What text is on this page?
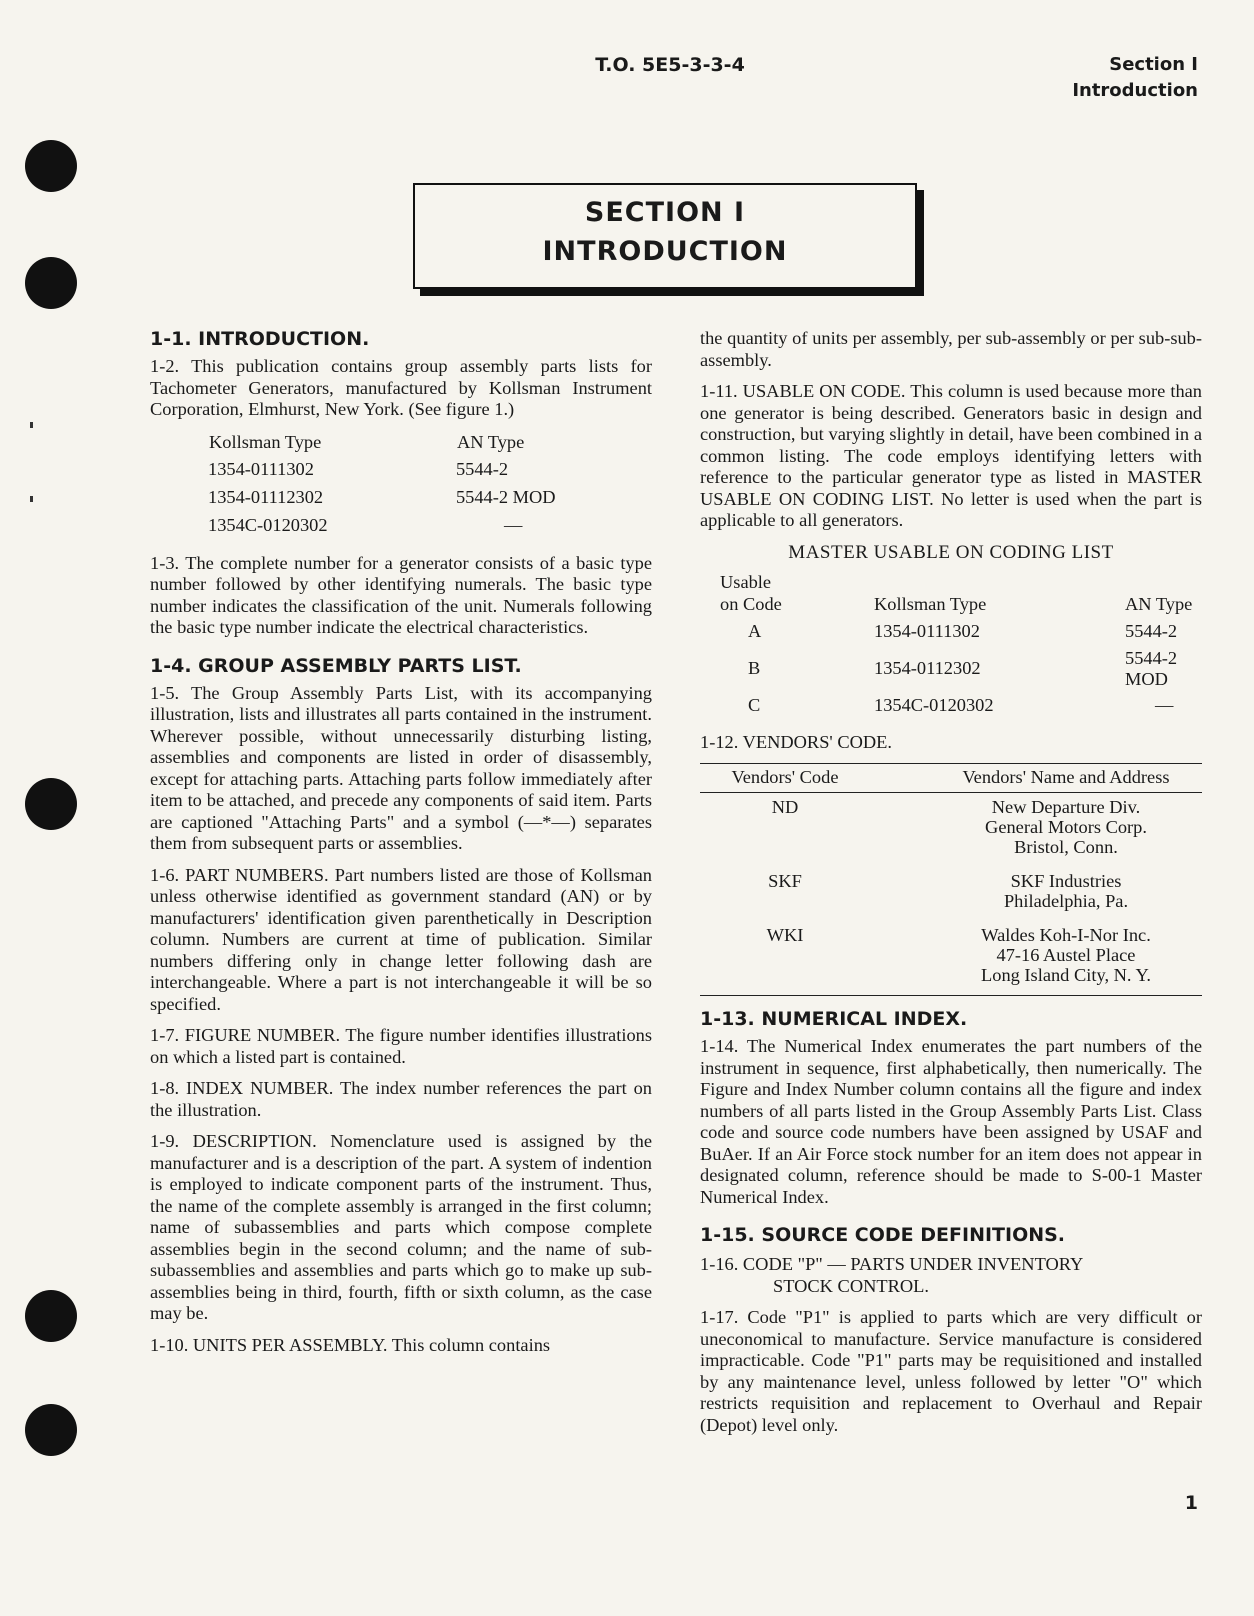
T.O. 5E5-3-3-4	Section I
Introduction
SECTION I
INTRODUCTION
1-1. INTRODUCTION.

1-2. This publication contains group assembly parts lists for Tachometer Generators, manufactured by Kollsman Instrument Corporation, Elmhurst, New York. (See figure 1.)

Kollsman Type	AN Type
1354-0111302	5544-2
1354-01112302	5544-2 MOD
1354C-0120302	—

1-3. The complete number for a generator consists of a basic type number followed by other identifying numerals. The basic type number indicates the classification of the unit. Numerals following the basic type number indicate the electrical characteristics.

1-4. GROUP ASSEMBLY PARTS LIST.

1-5. The Group Assembly Parts List, with its accompanying illustration, lists and illustrates all parts contained in the instrument. Wherever possible, without unnecessarily disturbing listing, assemblies and components are listed in order of disassembly, except for attaching parts. Attaching parts follow immediately after item to be attached, and precede any components of said item. Parts are captioned "Attaching Parts" and a symbol (—*—) separates them from subsequent parts or assemblies.

1-6. PART NUMBERS. Part numbers listed are those of Kollsman unless otherwise identified as government standard (AN) or by manufacturers' identification given parenthetically in Description column. Numbers are current at time of publication. Similar numbers differing only in change letter following dash are interchangeable. Where a part is not interchangeable it will be so specified.

1-7. FIGURE NUMBER. The figure number identifies illustrations on which a listed part is contained.

1-8. INDEX NUMBER. The index number references the part on the illustration.

1-9. DESCRIPTION. Nomenclature used is assigned by the manufacturer and is a description of the part. A system of indention is employed to indicate component parts of the instrument. Thus, the name of the complete assembly is arranged in the first column; name of subassemblies and parts which compose complete assemblies begin in the second column; and the name of sub-subassemblies and assemblies and parts which go to make up sub-assemblies being in third, fourth, fifth or sixth column, as the case may be.

1-10. UNITS PER ASSEMBLY. This column contains

the quantity of units per assembly, per sub-assembly or per sub-sub-assembly.

1-11. USABLE ON CODE. This column is used because more than one generator is being described. Generators basic in design and construction, but varying slightly in detail, have been combined in a common listing. The code employs identifying letters with reference to the particular generator type as listed in MASTER USABLE ON CODING LIST. No letter is used when the part is applicable to all generators.

MASTER USABLE ON CODING LIST
Usable
on Code	Kollsman Type	AN Type
A	1354-0111302	5544-2
B	1354-0112302	5544-2 MOD
C	1354C-0120302	—

1-12. VENDORS' CODE.

Vendors' Code	Vendors' Name and Address
ND	New Departure Div.
General Motors Corp.
Bristol, Conn.

SKF	SKF Industries
Philadelphia, Pa.

WKI	Waldes Koh-I-Nor Inc.
47-16 Austel Place
Long Island City, N. Y.
1-13. NUMERICAL INDEX.

1-14. The Numerical Index enumerates the part numbers of the instrument in sequence, first alphabetically, then numerically. The Figure and Index Number column contains all the figure and index numbers of all parts listed in the Group Assembly Parts List. Class code and source code numbers have been assigned by USAF and BuAer. If an Air Force stock number for an item does not appear in designated column, reference should be made to S-00-1 Master Numerical Index.

1-15. SOURCE CODE DEFINITIONS.
1-16. CODE "P" — PARTS UNDER INVENTORY
STOCK CONTROL.

1-17. Code "P1" is applied to parts which are very difficult or uneconomical to manufacture. Service manufacture is considered impracticable. Code "P1" parts may be requisitioned and installed by any maintenance level, unless followed by letter "O" which restricts requisition and replacement to Overhaul and Repair (Depot) level only.

1
